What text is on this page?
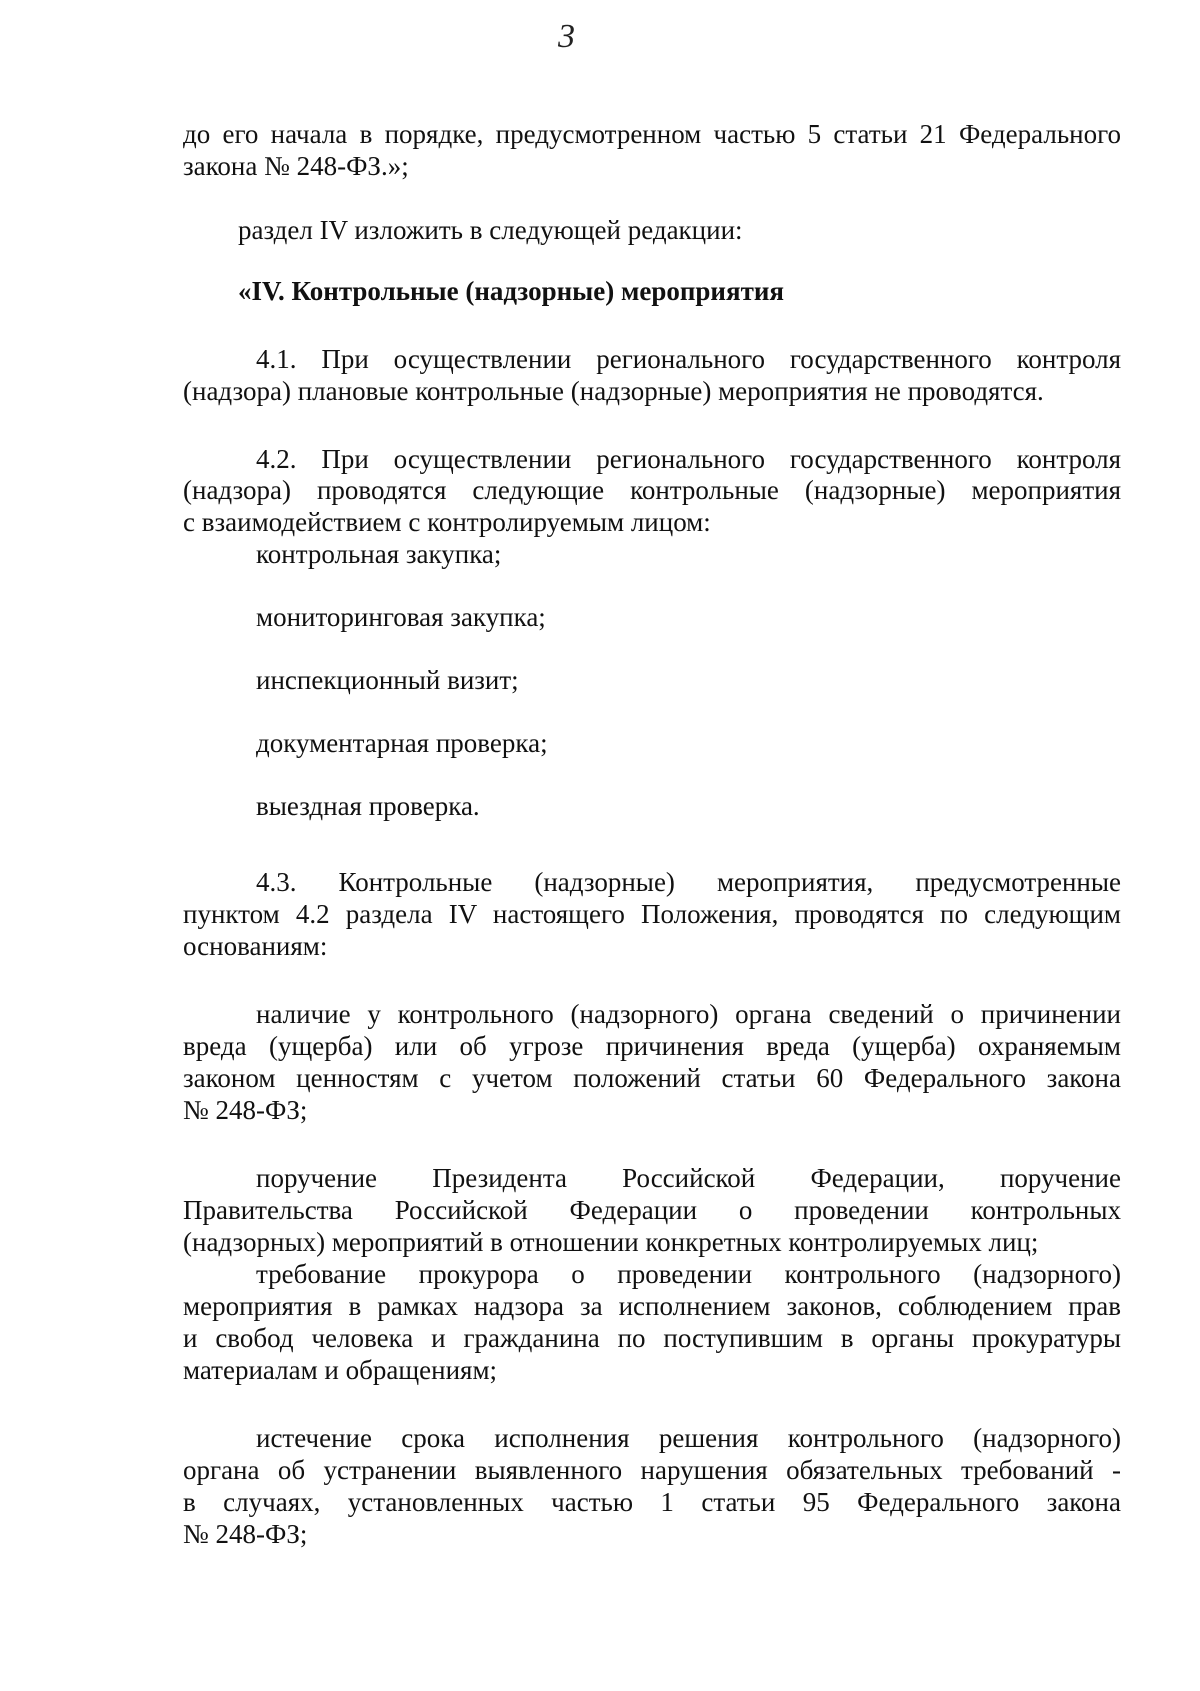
3
до его начала в порядке, предусмотренном частью 5 статьи 21 Федерального
закона № 248-ФЗ.»;
раздел IV изложить в следующей редакции:
«IV. Контрольные (надзорные) мероприятия
4.1. При осуществлении регионального государственного контроля
(надзора) плановые контрольные (надзорные) мероприятия не проводятся.
4.2. При осуществлении регионального государственного контроля
(надзора) проводятся следующие контрольные (надзорные) мероприятия
с взаимодействием с контролируемым лицом:
контрольная закупка;
мониторинговая закупка;
инспекционный визит;
документарная проверка;
выездная проверка.
4.3. Контрольные (надзорные) мероприятия, предусмотренные
пунктом 4.2 раздела IV настоящего Положения, проводятся по следующим
основаниям:
наличие у контрольного (надзорного) органа сведений о причинении
вреда (ущерба) или об угрозе причинения вреда (ущерба) охраняемым
законом ценностям с учетом положений статьи 60 Федерального закона
№ 248-ФЗ;
поручение Президента Российской Федерации, поручение
Правительства Российской Федерации о проведении контрольных
(надзорных) мероприятий в отношении конкретных контролируемых лиц;
требование прокурора о проведении контрольного (надзорного)
мероприятия в рамках надзора за исполнением законов, соблюдением прав
и свобод человека и гражданина по поступившим в органы прокуратуры
материалам и обращениям;
истечение срока исполнения решения контрольного (надзорного)
органа об устранении выявленного нарушения обязательных требований -
в случаях, установленных частью 1 статьи 95 Федерального закона
№ 248-ФЗ;
